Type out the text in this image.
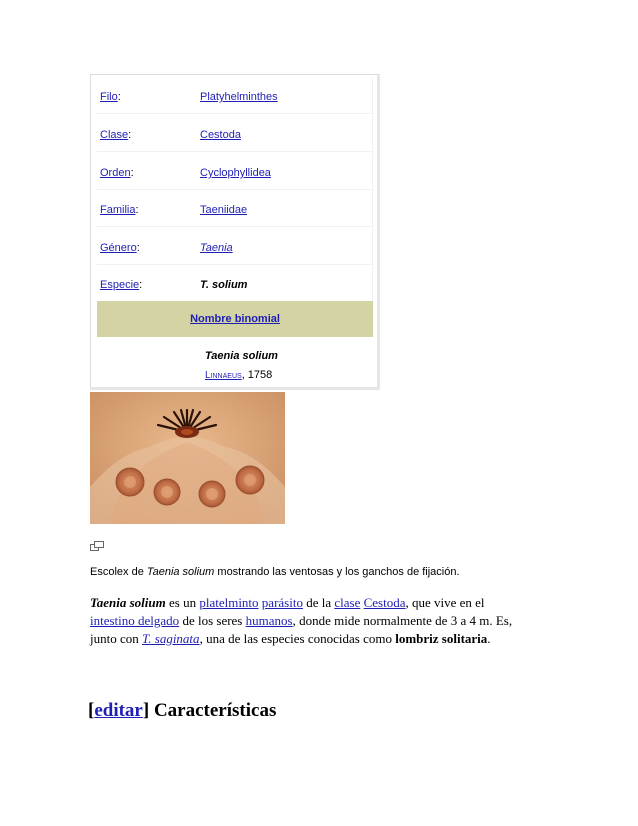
Filo:	Platyhelminthes
Clase:	Cestoda
Orden:	Cyclophyllidea
Familia:	Taeniidae
Género:	Taenia
Especie:	T. solium
Nombre binomial
Taenia solium
Linnaeus, 1758
Escolex de Taenia solium mostrando las ventosas y los ganchos de fijación.

Taenia solium es un platelminto parásito de la clase Cestoda, que vive en el intestino delgado de los seres humanos, donde mide normalmente de 3 a 4 m. Es, junto con T. saginata, una de las especies conocidas como lombriz solitaria.

[editar] Características
